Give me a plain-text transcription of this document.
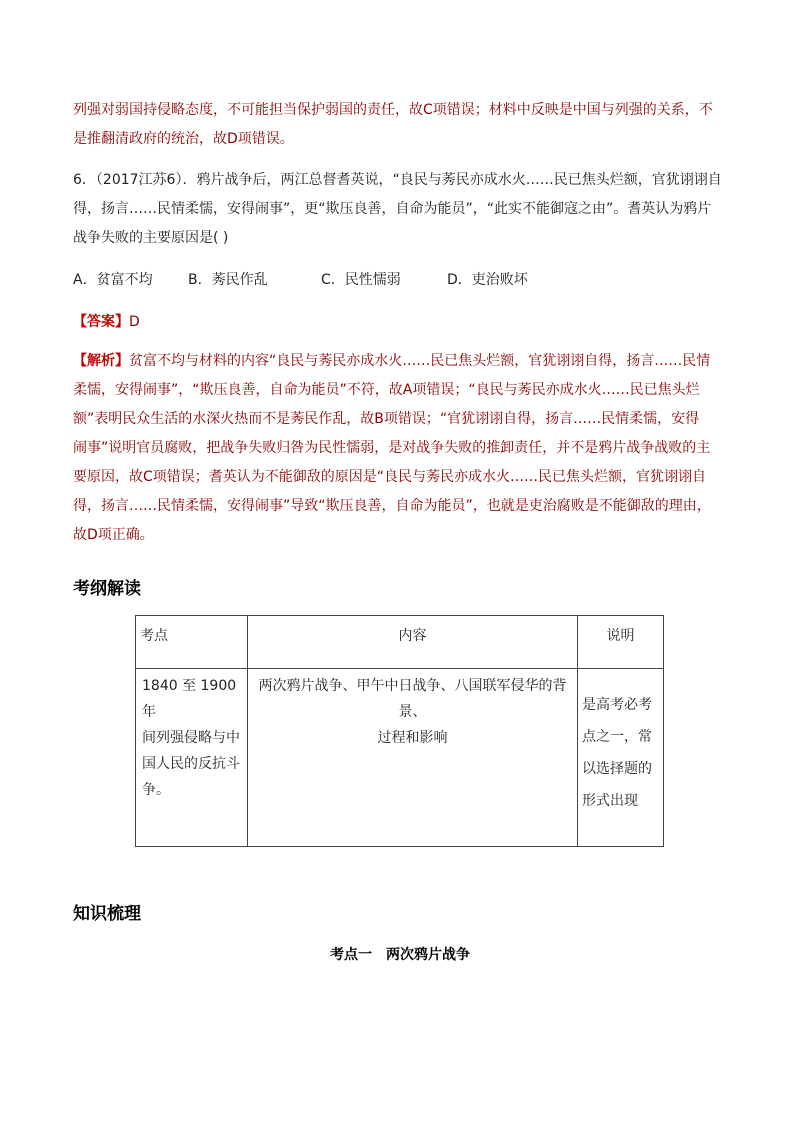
列强对弱国持侵略态度，不可能担当保护弱国的责任，故C项错误；材料中反映是中国与列强的关系，不
是推翻清政府的统治，故D项错误。

6．（2017江苏6）．鸦片战争后，两江总督耆英说，“良民与莠民亦成水火……民已焦头烂额，官犹诩诩自
得，扬言……民情柔懦，安得闹事”，更“欺压良善，自命为能员”，“此实不能御寇之由”。耆英认为鸦片
战争失败的主要原因是( )

A．贫富不均	B．莠民作乱	C．民性懦弱	D．吏治败坏
【答案】D

【解析】贫富不均与材料的内容“良民与莠民亦成水火……民已焦头烂额，官犹诩诩自得，扬言……民情
柔懦，安得闹事”，“欺压良善，自命为能员”不符，故A项错误；“良民与莠民亦成水火……民已焦头烂
额”表明民众生活的水深火热而不是莠民作乱，故B项错误；“官犹诩诩自得，扬言……民情柔懦，安得
闹事”说明官员腐败，把战争失败归咎为民性懦弱，是对战争失败的推卸责任，并不是鸦片战争战败的主
要原因，故C项错误；耆英认为不能御敌的原因是“良民与莠民亦成水火……民已焦头烂额，官犹诩诩自
得，扬言……民情柔懦，安得闹事”导致“欺压良善，自命为能员”，也就是吏治腐败是不能御敌的理由，
故D项正确。

考纲解读
考点	内容	说明
1840 至 1900 年
间列强侵略与中
国人民的反抗斗
争。	两次鸦片战争、甲午中日战争、八国联军侵华的背景、
过程和影响	是高考必考
点之一，常
以选择题的
形式出现
知识梳理
考点一　两次鸦片战争
